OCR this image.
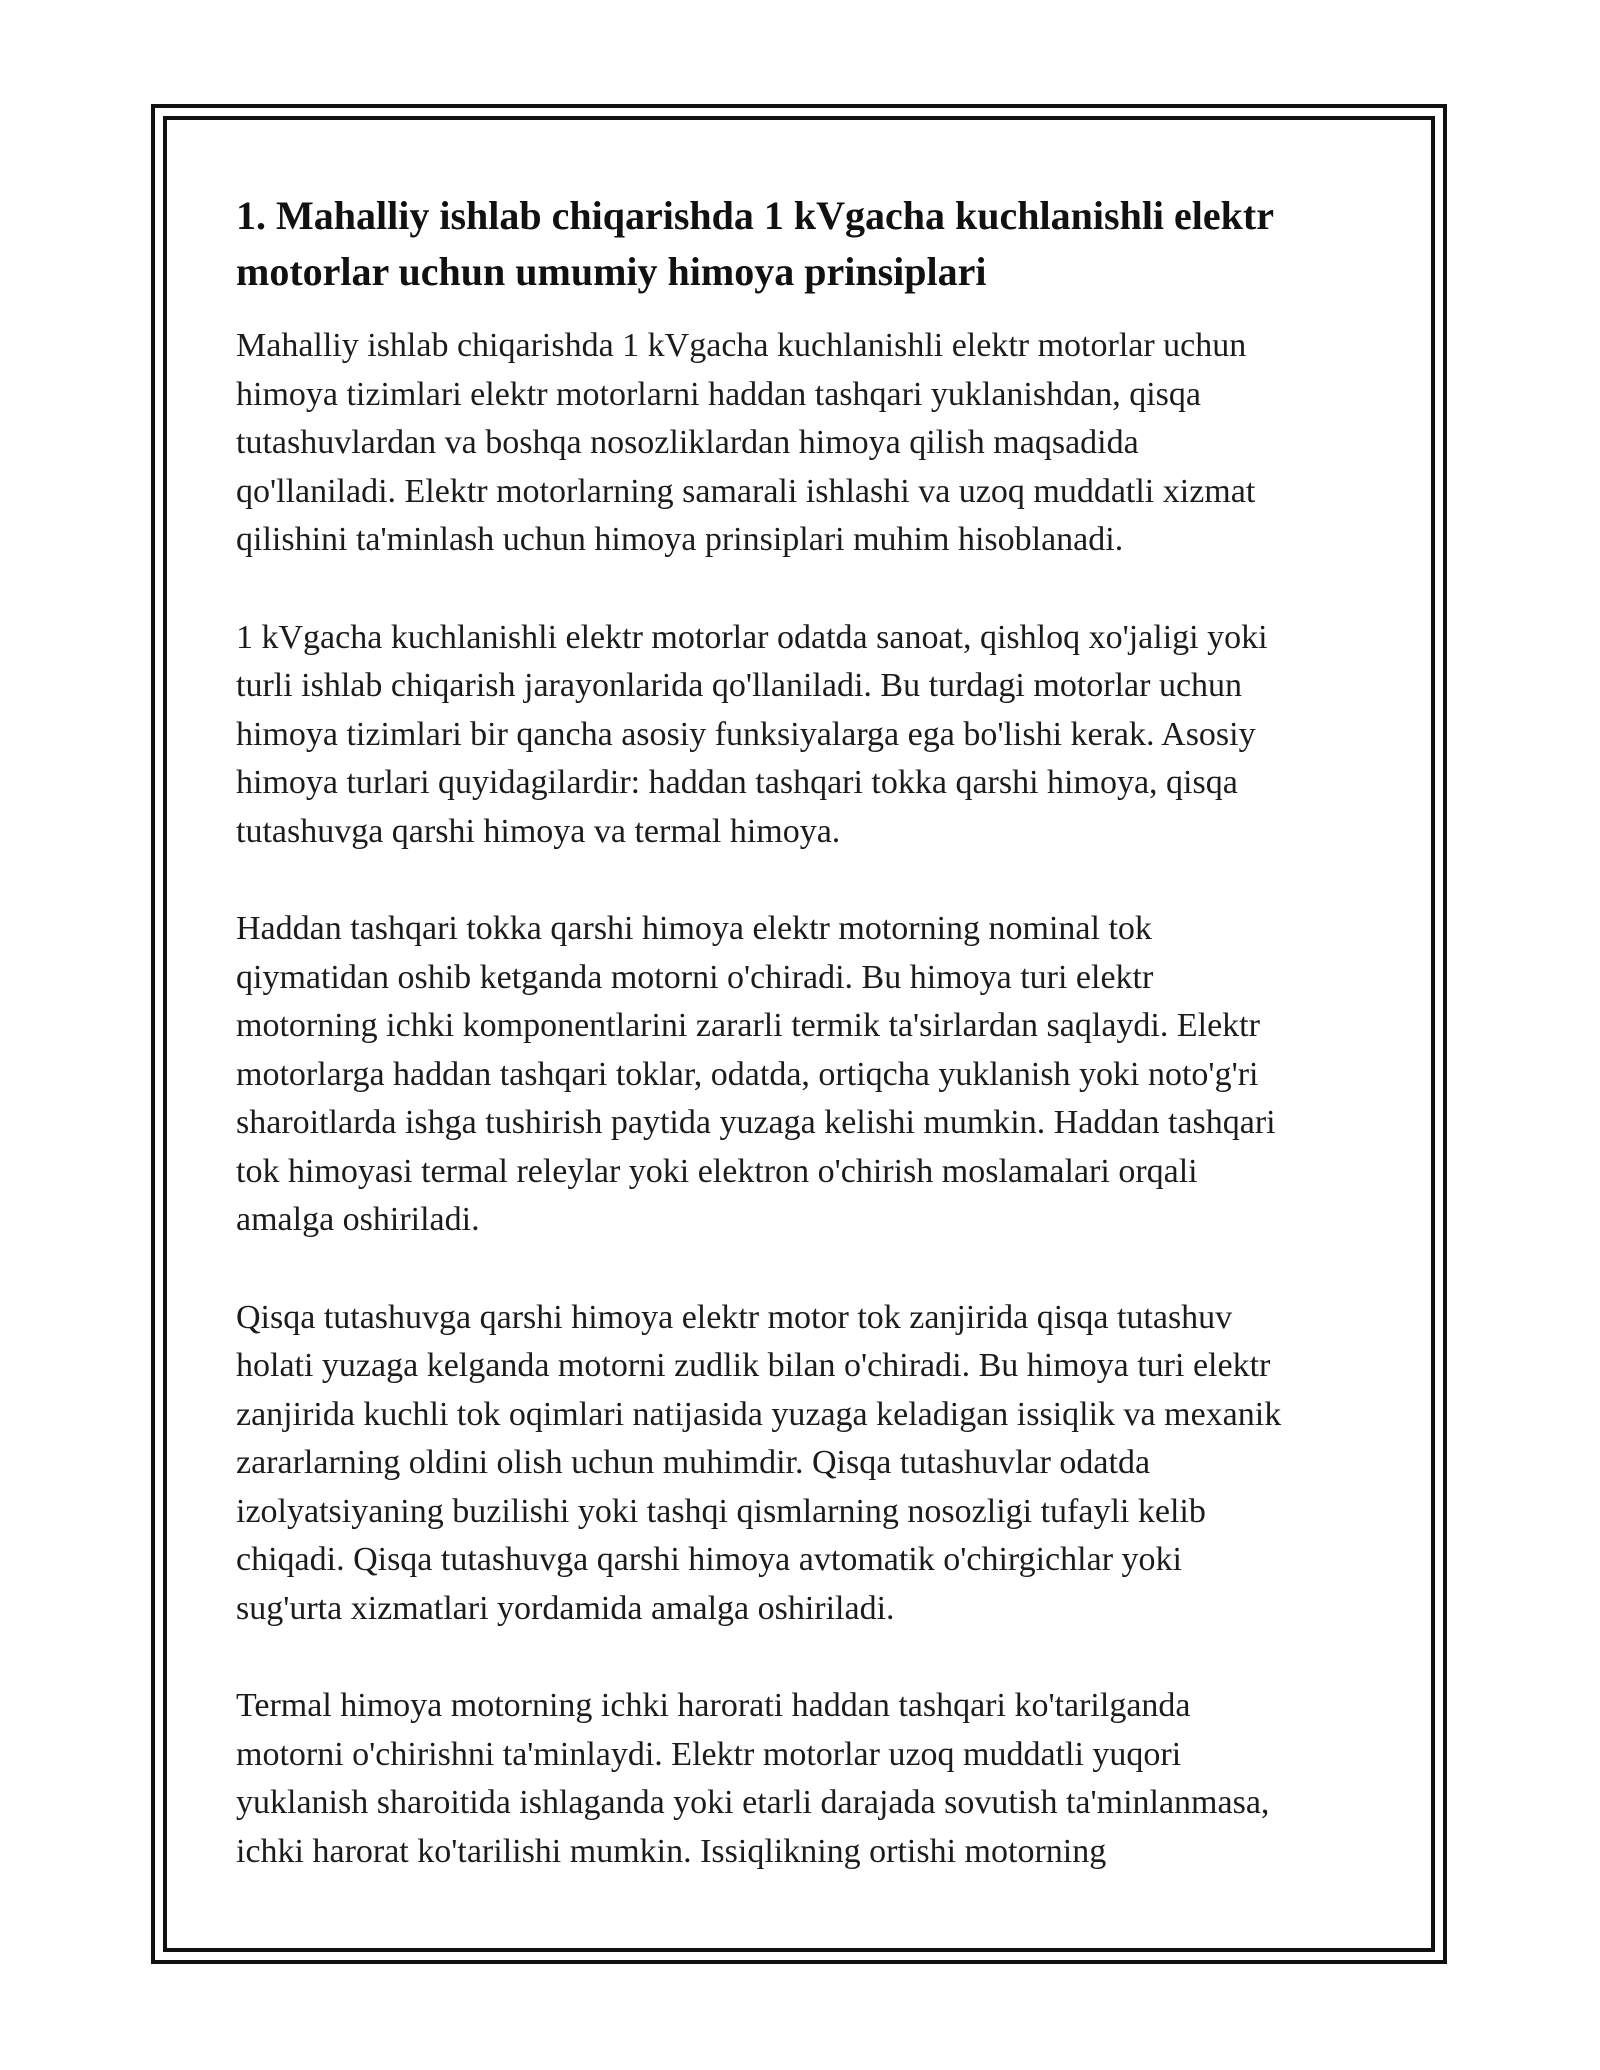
1. Mahalliy ishlab chiqarishda 1 kVgacha kuchlanishli elektr
motorlar uchun umumiy himoya prinsiplari

Mahalliy ishlab chiqarishda 1 kVgacha kuchlanishli elektr motorlar uchun
himoya tizimlari elektr motorlarni haddan tashqari yuklanishdan, qisqa
tutashuvlardan va boshqa nosozliklardan himoya qilish maqsadida
qo'llaniladi. Elektr motorlarning samarali ishlashi va uzoq muddatli xizmat
qilishini ta'minlash uchun himoya prinsiplari muhim hisoblanadi.

1 kVgacha kuchlanishli elektr motorlar odatda sanoat, qishloq xo'jaligi yoki
turli ishlab chiqarish jarayonlarida qo'llaniladi. Bu turdagi motorlar uchun
himoya tizimlari bir qancha asosiy funksiyalarga ega bo'lishi kerak. Asosiy
himoya turlari quyidagilardir: haddan tashqari tokka qarshi himoya, qisqa
tutashuvga qarshi himoya va termal himoya.

Haddan tashqari tokka qarshi himoya elektr motorning nominal tok
qiymatidan oshib ketganda motorni o'chiradi. Bu himoya turi elektr
motorning ichki komponentlarini zararli termik ta'sirlardan saqlaydi. Elektr
motorlarga haddan tashqari toklar, odatda, ortiqcha yuklanish yoki noto'g'ri
sharoitlarda ishga tushirish paytida yuzaga kelishi mumkin. Haddan tashqari
tok himoyasi termal releylar yoki elektron o'chirish moslamalari orqali
amalga oshiriladi.

Qisqa tutashuvga qarshi himoya elektr motor tok zanjirida qisqa tutashuv
holati yuzaga kelganda motorni zudlik bilan o'chiradi. Bu himoya turi elektr
zanjirida kuchli tok oqimlari natijasida yuzaga keladigan issiqlik va mexanik
zararlarning oldini olish uchun muhimdir. Qisqa tutashuvlar odatda
izolyatsiyaning buzilishi yoki tashqi qismlarning nosozligi tufayli kelib
chiqadi. Qisqa tutashuvga qarshi himoya avtomatik o'chirgichlar yoki
sug'urta xizmatlari yordamida amalga oshiriladi.

Termal himoya motorning ichki harorati haddan tashqari ko'tarilganda
motorni o'chirishni ta'minlaydi. Elektr motorlar uzoq muddatli yuqori
yuklanish sharoitida ishlaganda yoki etarli darajada sovutish ta'minlanmasa,
ichki harorat ko'tarilishi mumkin. Issiqlikning ortishi motorning
